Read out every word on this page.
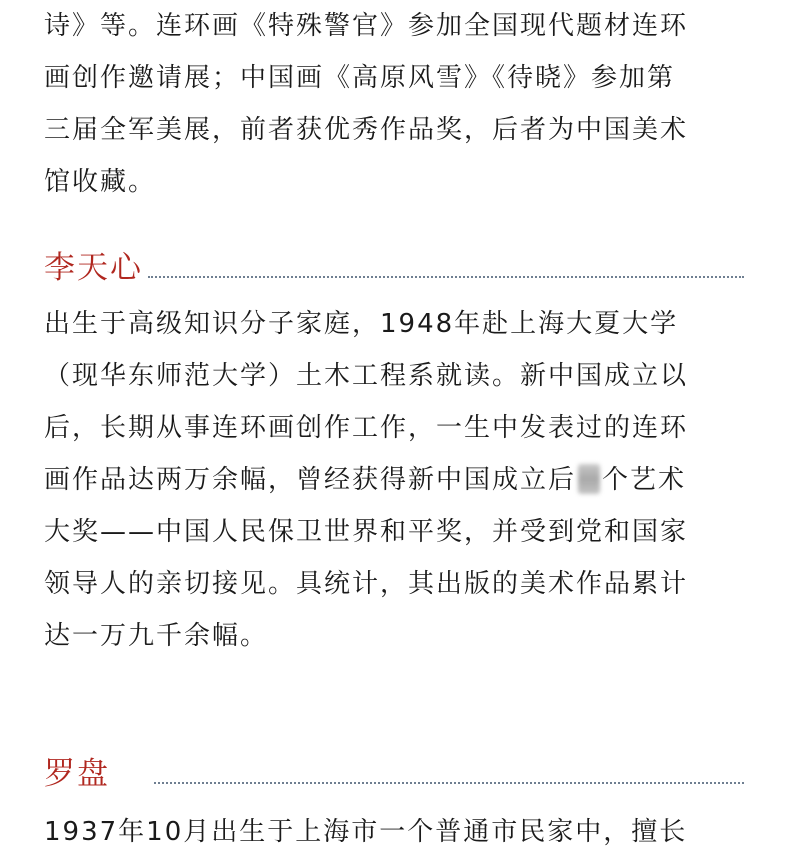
诗》等。连环画《特殊警官》参加全国现代题材连环
画创作邀请展；中国画《高原风雪》《待晓》参加第
三届全军美展，前者获优秀作品奖，后者为中国美术
馆收藏。

李天心

出生于高级知识分子家庭，1948年赴上海大夏大学
（现华东师范大学）土木工程系就读。新中国成立以
后，长期从事连环画创作工作，一生中发表过的连环
画作品达两万余幅，曾经获得新中国成立后 个艺术
大奖——中国人民保卫世界和平奖，并受到党和国家
领导人的亲切接见。具统计，其出版的美术作品累计
达一万九千余幅。

罗盘
1937年10月出生于上海市一个普通市民家中，擅长
